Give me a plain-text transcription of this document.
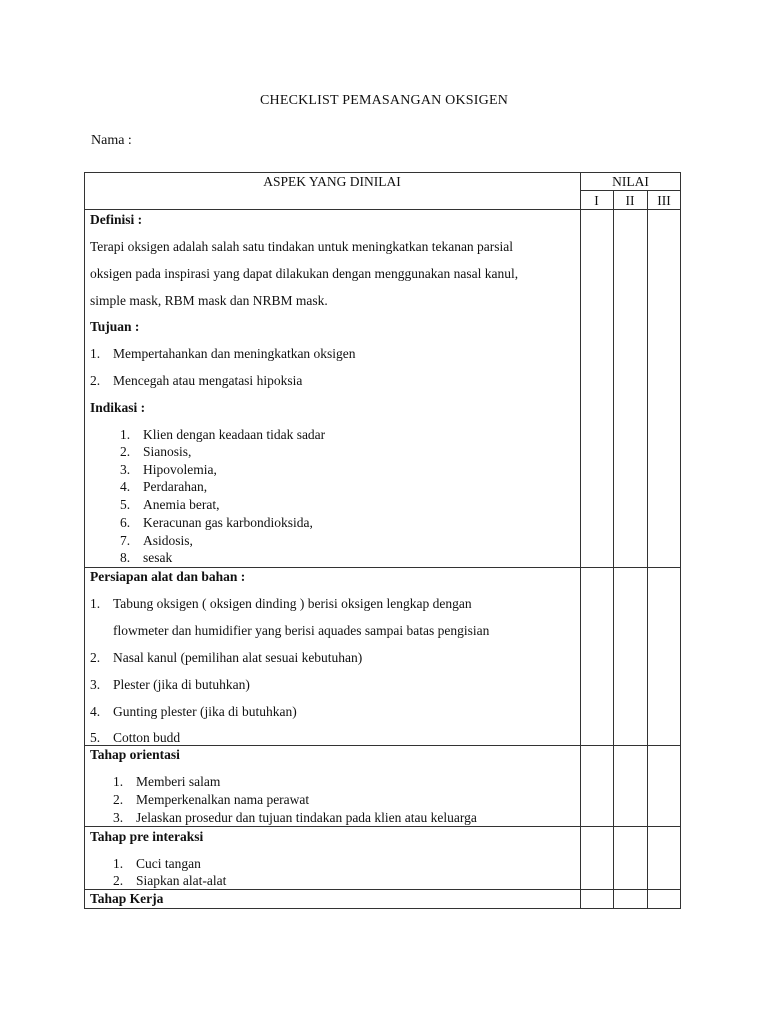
CHECKLIST PEMASANGAN OKSIGEN
Nama :
ASPEK YANG DINILAI	NILAI
I	II	III
Definisi :
Terapi oksigen adalah salah satu tindakan untuk meningkatkan tekanan parsial
oksigen pada inspirasi yang dapat dilakukan dengan menggunakan nasal kanul,
simple mask, RBM mask dan NRBM mask.
Tujuan :
1. Mempertahankan dan meningkatkan oksigen
2. Mencegah atau mengatasi hipoksia
Indikasi :
1. Klien dengan keadaan tidak sadar
2. Sianosis,
3. Hipovolemia,
4. Perdarahan,
5. Anemia berat,
6. Keracunan gas karbondioksida,
7. Asidosis,
8. sesak
Persiapan alat dan bahan :
1. Tabung oksigen ( oksigen dinding ) berisi oksigen lengkap dengan
flowmeter dan humidifier yang berisi aquades sampai batas pengisian
2. Nasal kanul (pemilihan alat sesuai kebutuhan)
3. Plester (jika di butuhkan)
4. Gunting plester (jika di butuhkan)
5. Cotton budd
Tahap orientasi
1. Memberi salam
2. Memperkenalkan nama perawat
3. Jelaskan prosedur dan tujuan tindakan pada klien atau keluarga
Tahap pre interaksi
1. Cuci tangan
2. Siapkan alat-alat
Tahap Kerja
